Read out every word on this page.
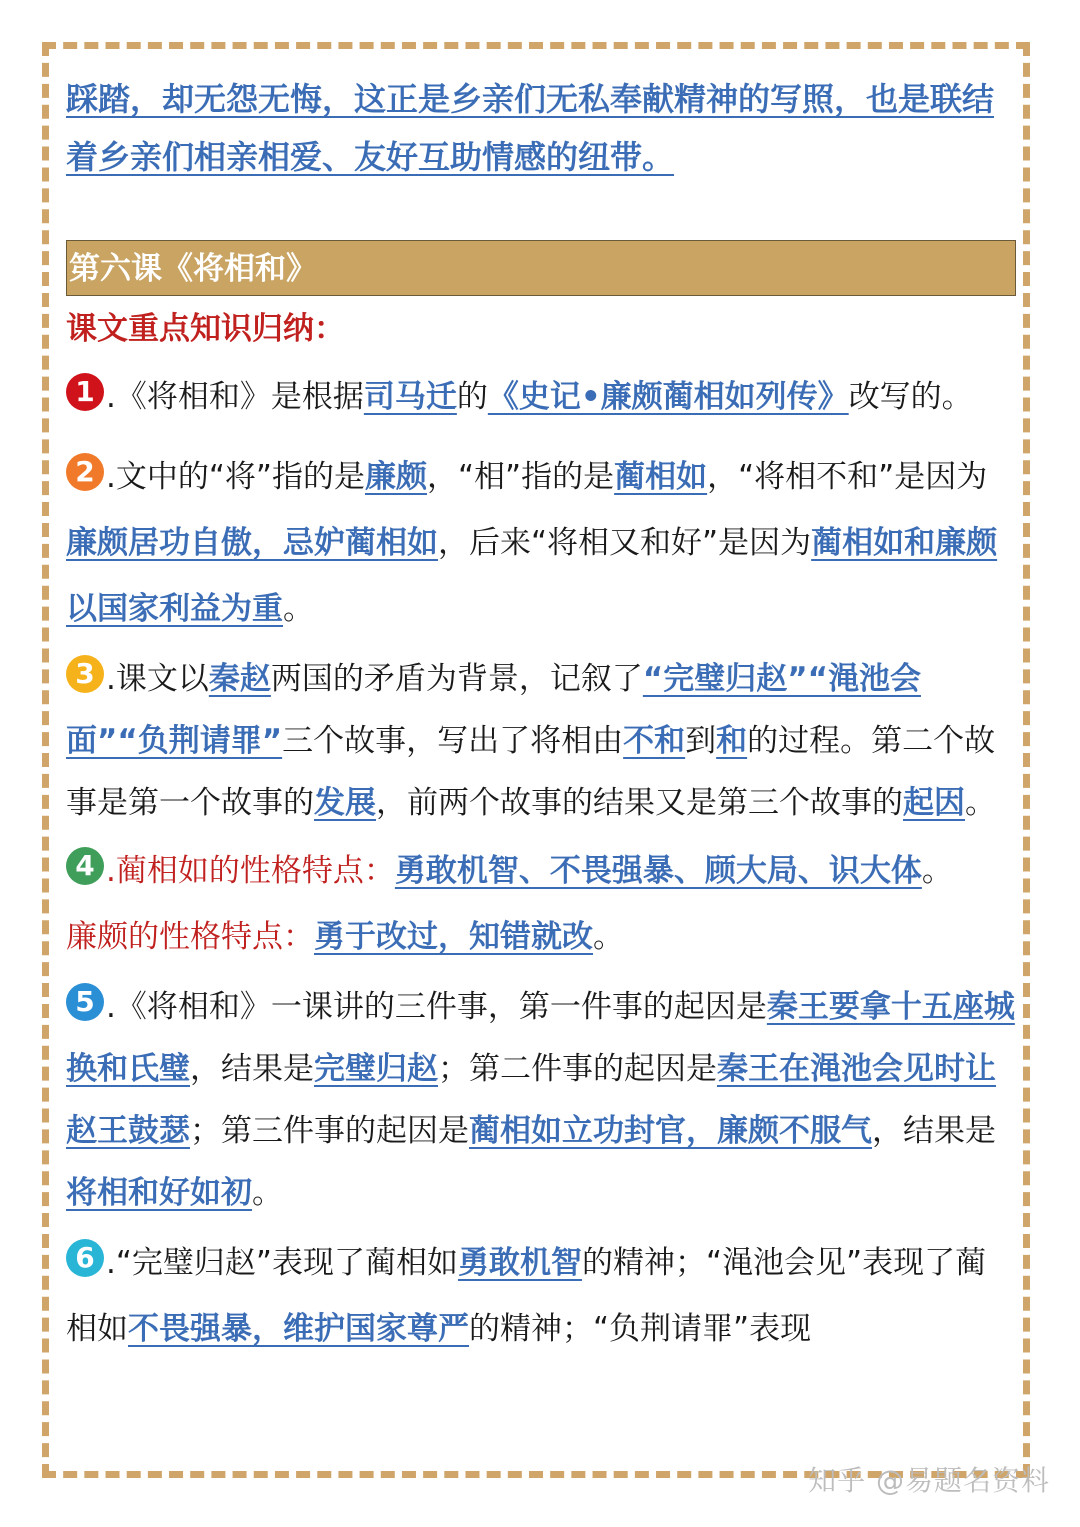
踩踏，却无怨无悔，这正是乡亲们无私奉献精神的写照，也是联结着乡亲们相亲相爱、友好互助情感的纽带。
第六课《将相和》
课文重点知识归纳：
1 .《将相和》是根据司马迁的《史记•廉颇蔺相如列传》改写的。
2 .文中的“将”指的是廉颇，“相”指的是蔺相如，“将相不和”是因为廉颇居功自傲，忌妒蔺相如，后来“将相又和好”是因为蔺相如和廉颇以国家利益为重。
3 .课文以秦赵两国的矛盾为背景，记叙了“完璧归赵”“渑池会面”“负荆请罪”三个故事，写出了将相由不和到和的过程。第二个故事是第一个故事的发展，前两个故事的结果又是第三个故事的起因。
4 .蔺相如的性格特点：勇敢机智、不畏强暴、顾大局、识大体。
廉颇的性格特点：勇于改过，知错就改。
5 .《将相和》一课讲的三件事，第一件事的起因是秦王要拿十五座城换和氏璧，结果是完璧归赵；第二件事的起因是秦王在渑池会见时让赵王鼓瑟；第三件事的起因是蔺相如立功封官，廉颇不服气，结果是将相和好如初。
6 .“完璧归赵”表现了蔺相如勇敢机智的精神；“渑池会见”表现了蔺相如不畏强暴，维护国家尊严的精神；“负荆请罪”表现
知乎 @易题名资料
